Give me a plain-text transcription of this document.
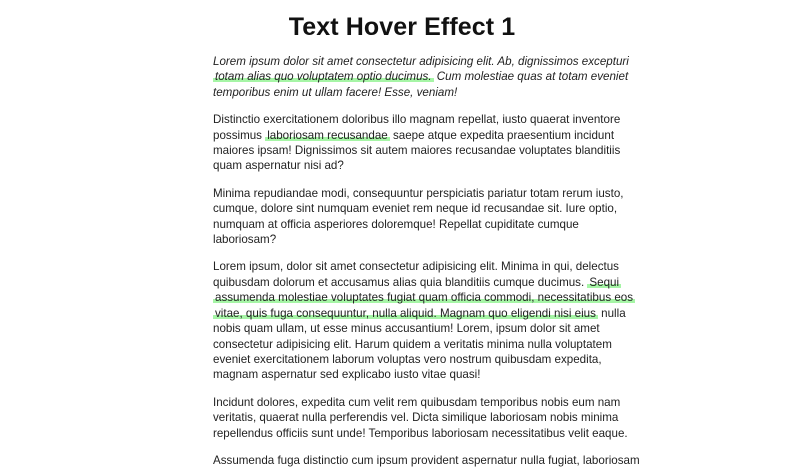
Text Hover Effect 1

Lorem ipsum dolor sit amet consectetur adipisicing elit. Ab, dignissimos excepturi
totam alias quo voluptatem optio ducimus. Cum molestiae quas at totam eveniet
temporibus enim ut ullam facere! Esse, veniam!

Distinctio exercitationem doloribus illo magnam repellat, iusto quaerat inventore
possimus laboriosam recusandae saepe atque expedita praesentium incidunt
maiores ipsam! Dignissimos sit autem maiores recusandae voluptates blanditiis
quam aspernatur nisi ad?

Minima repudiandae modi, consequuntur perspiciatis pariatur totam rerum iusto,
cumque, dolore sint numquam eveniet rem neque id recusandae sit. Iure optio,
numquam at officia asperiores doloremque! Repellat cupiditate cumque
laboriosam?

Lorem ipsum, dolor sit amet consectetur adipisicing elit. Minima in qui, delectus
quibusdam dolorum et accusamus alias quia blanditiis cumque ducimus. Sequi
assumenda molestiae voluptates fugiat quam officia commodi, necessitatibus eos
vitae, quis fuga consequuntur, nulla aliquid. Magnam quo eligendi nisi eius nulla
nobis quam ullam, ut esse minus accusantium! Lorem, ipsum dolor sit amet
consectetur adipisicing elit. Harum quidem a veritatis minima nulla voluptatem
eveniet exercitationem laborum voluptas vero nostrum quibusdam expedita,
magnam aspernatur sed explicabo iusto vitae quasi!

Incidunt dolores, expedita cum velit rem quibusdam temporibus nobis eum nam
veritatis, quaerat nulla perferendis vel. Dicta similique laboriosam nobis minima
repellendus officiis sunt unde! Temporibus laboriosam necessitatibus velit eaque.

Assumenda fuga distinctio cum ipsum provident aspernatur nulla fugiat, laboriosam
